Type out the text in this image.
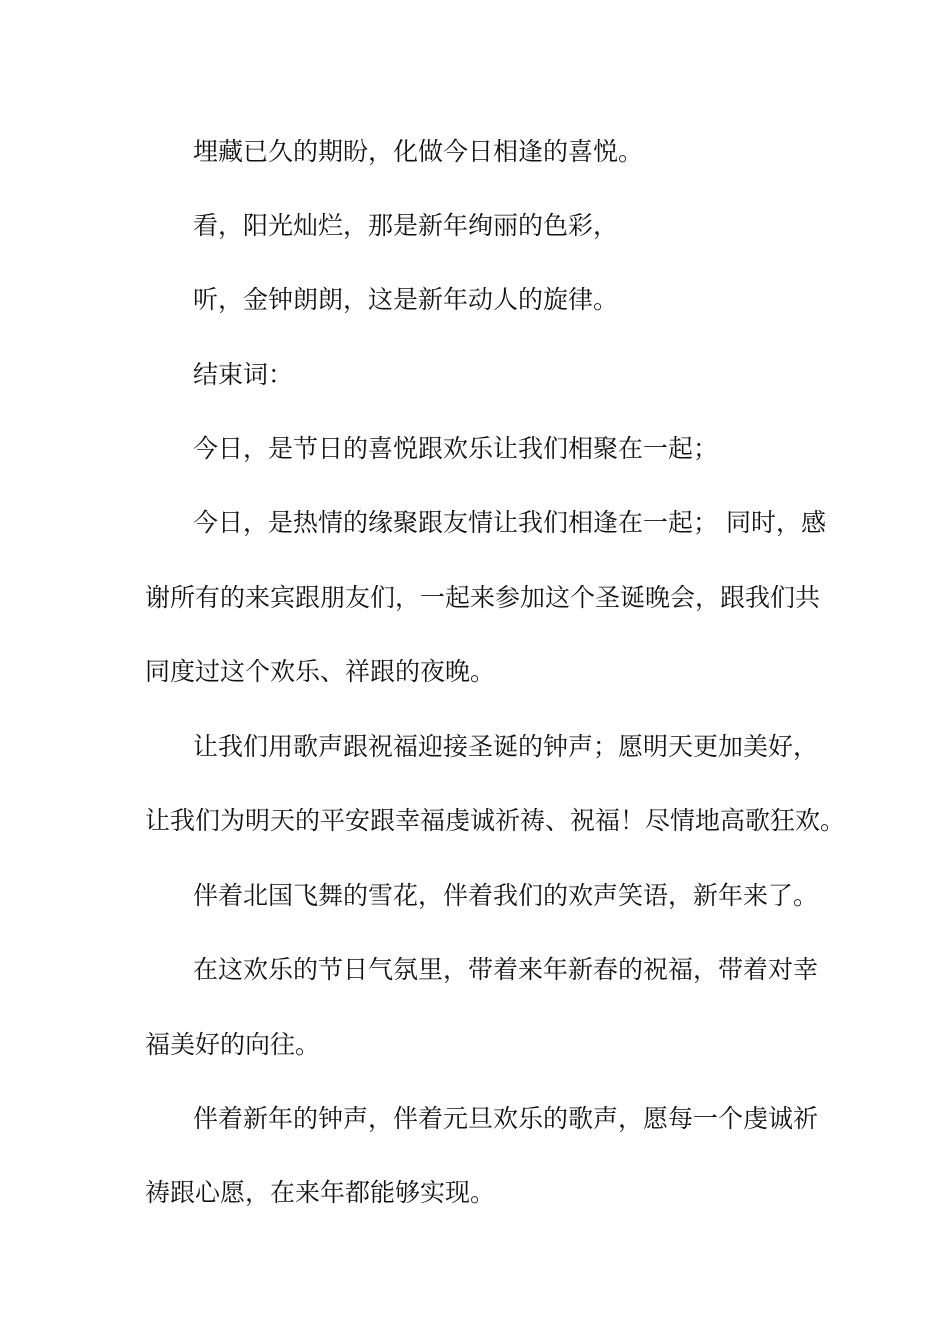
埋藏已久的期盼，化做今日相逢的喜悦。
看，阳光灿烂，那是新年绚丽的色彩，
听，金钟朗朗，这是新年动人的旋律。
结束词：
今日，是节日的喜悦跟欢乐让我们相聚在一起；
今日，是热情的缘聚跟友情让我们相逢在一起； 同时，感
谢所有的来宾跟朋友们，一起来参加这个圣诞晚会，跟我们共
同度过这个欢乐、祥跟的夜晚。
让我们用歌声跟祝福迎接圣诞的钟声；愿明天更加美好，
让我们为明天的平安跟幸福虔诚祈祷、祝福！尽情地高歌狂欢。
伴着北国飞舞的雪花，伴着我们的欢声笑语，新年来了。
在这欢乐的节日气氛里，带着来年新春的祝福，带着对幸
福美好的向往。
伴着新年的钟声，伴着元旦欢乐的歌声，愿每一个虔诚祈
祷跟心愿，在来年都能够实现。
